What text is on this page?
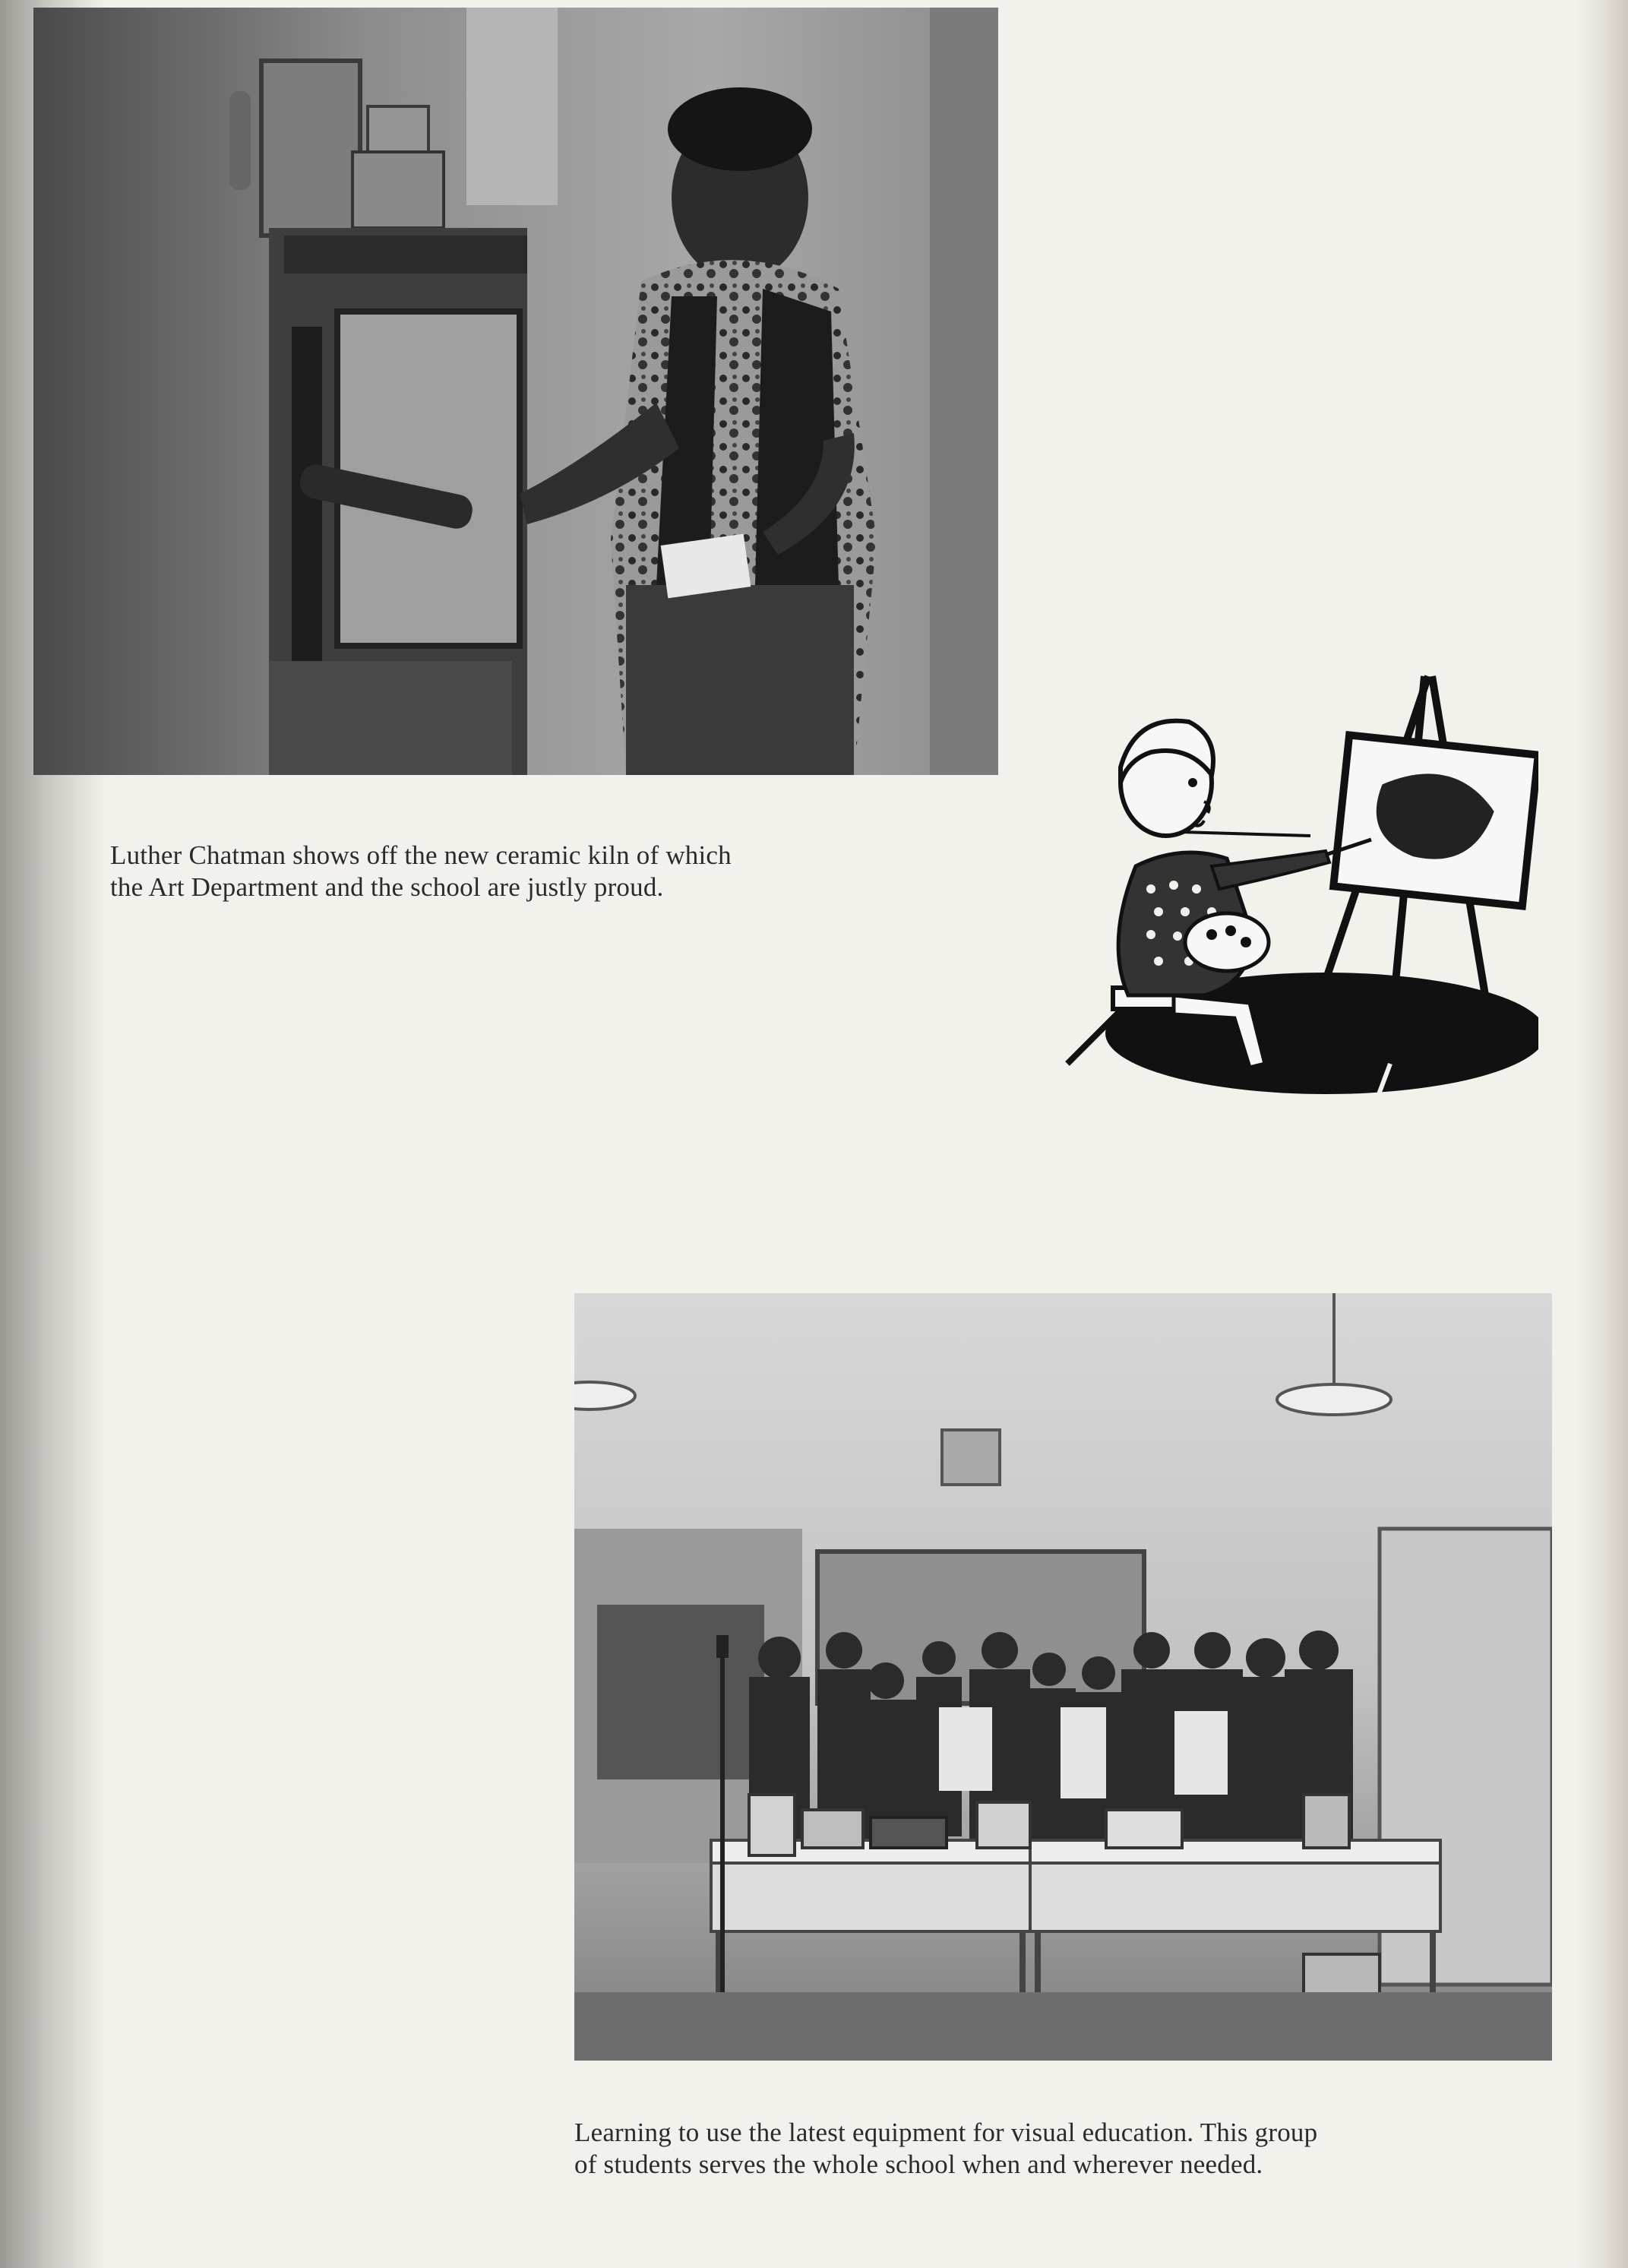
Luther Chatman shows off the new ceramic kiln of which
the Art Department and the school are justly proud.
Learning to use the latest equipment for visual education. This group
of students serves the whole school when and wherever needed.
